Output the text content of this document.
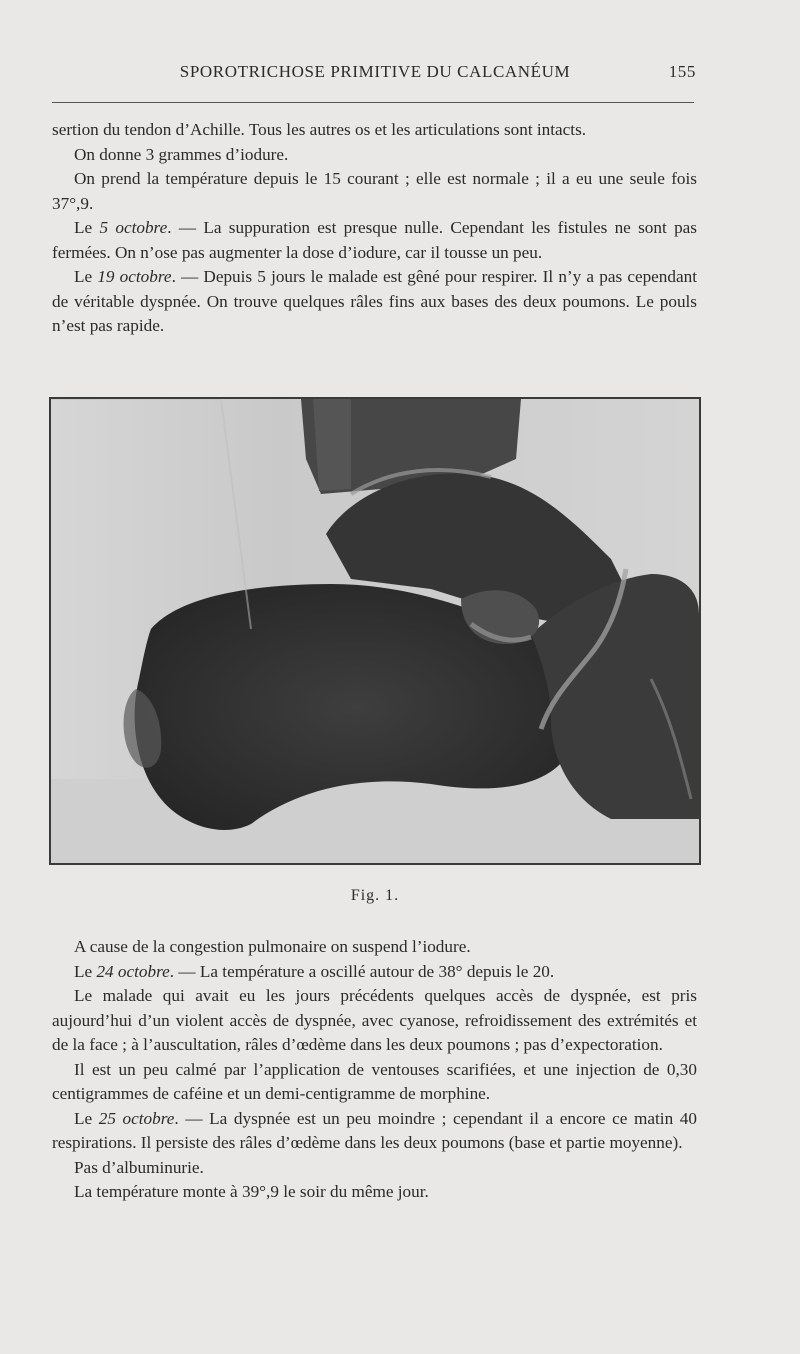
SPOROTRICHOSE PRIMITIVE DU CALCANÉUM	155

sertion du tendon d’Achille. Tous les autres os et les articulations sont intacts.

On donne 3 grammes d’iodure.

On prend la température depuis le 15 courant ; elle est normale ; il a eu une seule fois 37°,9.

Le 5 octobre. — La suppuration est presque nulle. Cependant les fistules ne sont pas fermées. On n’ose pas augmenter la dose d’iodure, car il tousse un peu.

Le 19 octobre. — Depuis 5 jours le malade est gêné pour respirer. Il n’y a pas cependant de véritable dyspnée. On trouve quelques râles fins aux bases des deux poumons. Le pouls n’est pas rapide.

Fig. 1.

A cause de la congestion pulmonaire on suspend l’iodure.

Le 24 octobre. — La température a oscillé autour de 38° depuis le 20.

Le malade qui avait eu les jours précédents quelques accès de dyspnée, est pris aujourd’hui d’un violent accès de dyspnée, avec cyanose, refroidissement des extrémités et de la face ; à l’auscultation, râles d’œdème dans les deux poumons ; pas d’expectoration.

Il est un peu calmé par l’application de ventouses scarifiées, et une injection de 0,30 centigrammes de caféine et un demi-centigramme de morphine.

Le 25 octobre. — La dyspnée est un peu moindre ; cependant il a encore ce matin 40 respirations. Il persiste des râles d’œdème dans les deux poumons (base et partie moyenne).

Pas d’albuminurie.

La température monte à 39°,9 le soir du même jour.
